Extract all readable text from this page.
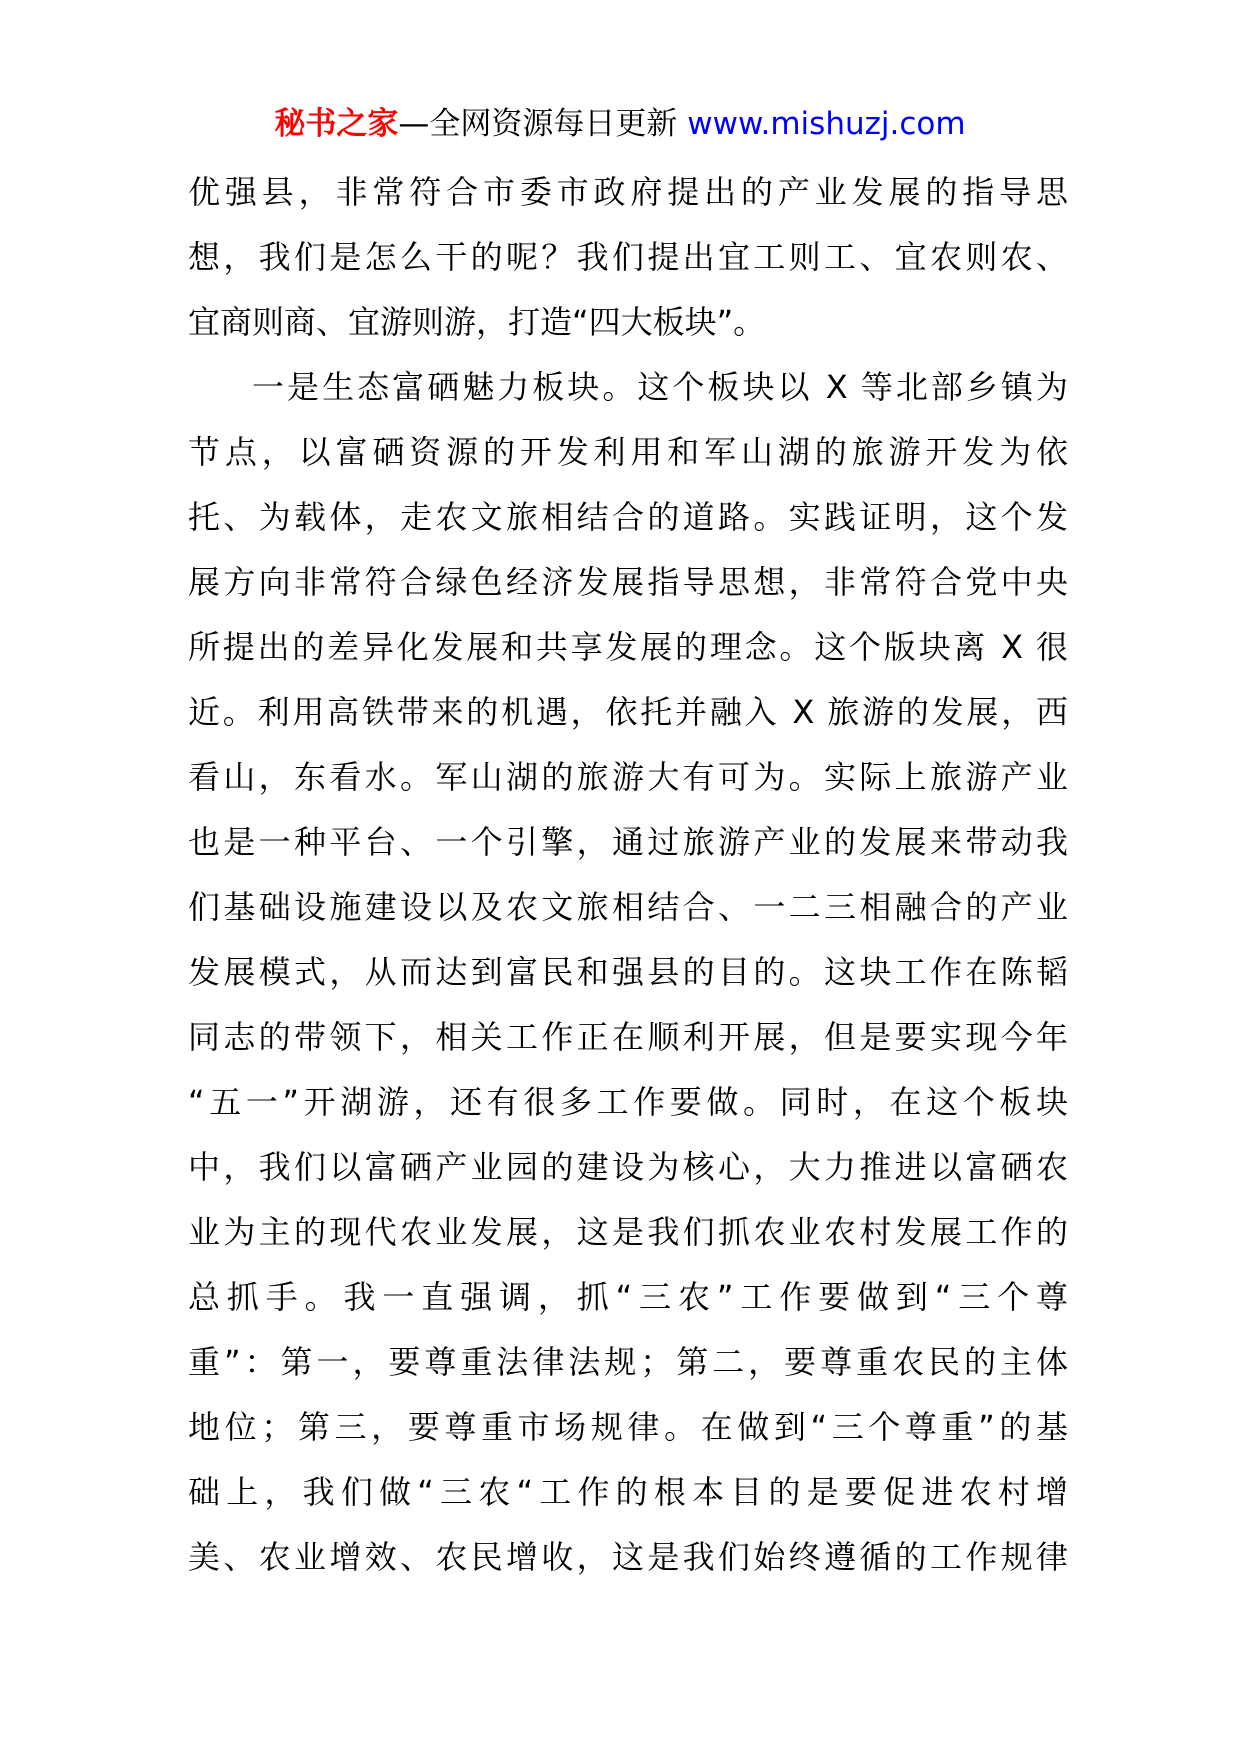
秘书之家—全网资源每日更新 www.mishuzj.com
优强县，非常符合市委市政府提出的产业发展的指导思
想，我们是怎么干的呢？我们提出宜工则工、宜农则农、
宜商则商、宜游则游，打造“四大板块”。
一是生态富硒魅力板块。这个板块以 X 等北部乡镇为
节点，以富硒资源的开发利用和军山湖的旅游开发为依
托、为载体，走农文旅相结合的道路。实践证明，这个发
展方向非常符合绿色经济发展指导思想，非常符合党中央
所提出的差异化发展和共享发展的理念。这个版块离 X 很
近。利用高铁带来的机遇，依托并融入 X 旅游的发展，西
看山，东看水。军山湖的旅游大有可为。实际上旅游产业
也是一种平台、一个引擎，通过旅游产业的发展来带动我
们基础设施建设以及农文旅相结合、一二三相融合的产业
发展模式，从而达到富民和强县的目的。这块工作在陈韬
同志的带领下，相关工作正在顺利开展，但是要实现今年
“五一”开湖游，还有很多工作要做。同时，在这个板块
中，我们以富硒产业园的建设为核心，大力推进以富硒农
业为主的现代农业发展，这是我们抓农业农村发展工作的
总抓手。我一直强调，抓“三农”工作要做到“三个尊
重”：第一，要尊重法律法规；第二，要尊重农民的主体
地位；第三，要尊重市场规律。在做到“三个尊重”的基
础上，我们做“三农“工作的根本目的是要促进农村增
美、农业增效、农民增收，这是我们始终遵循的工作规律
